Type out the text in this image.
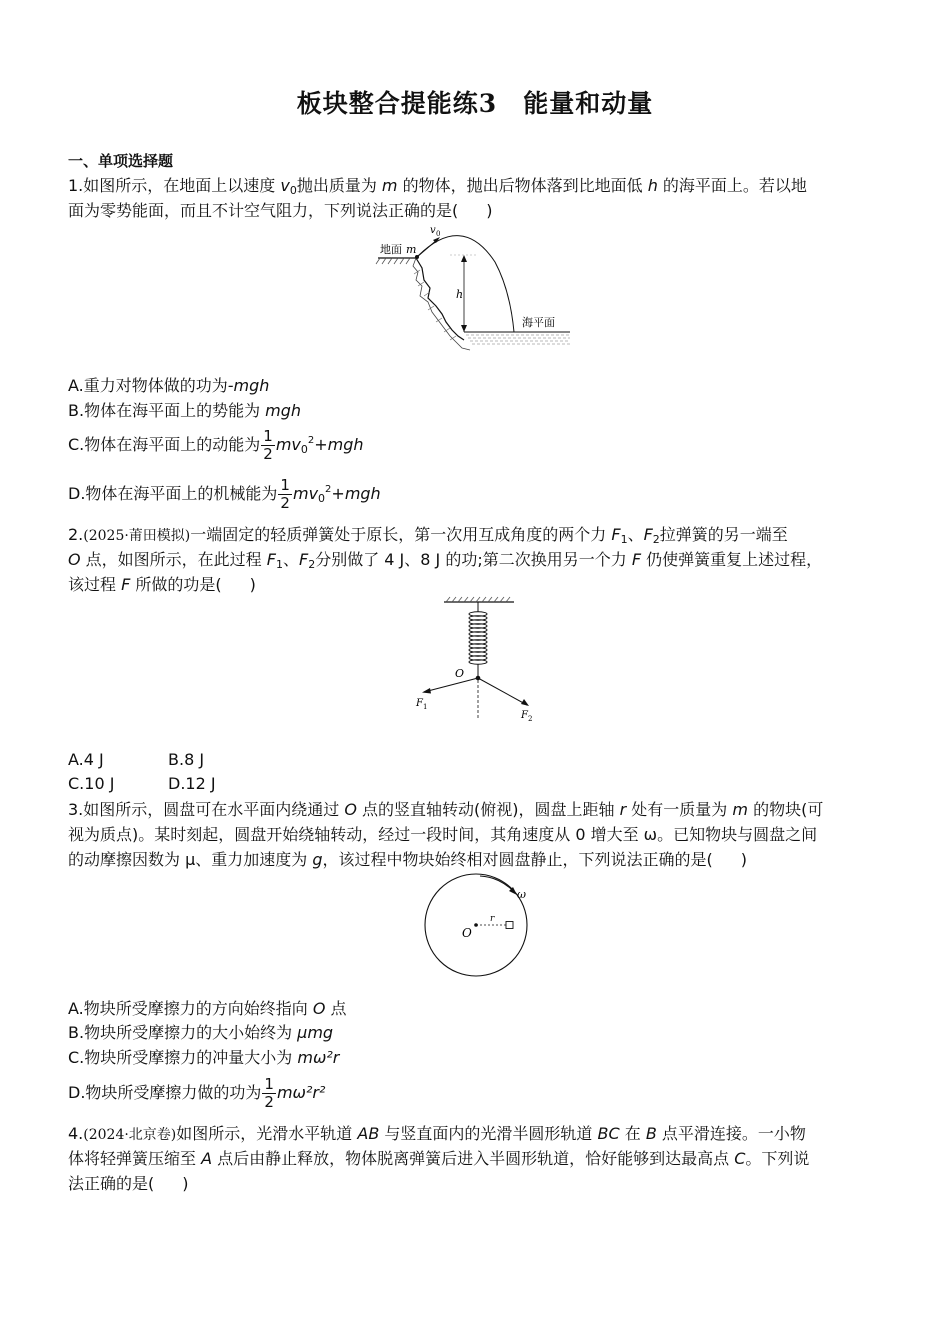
板块整合提能练3　能量和动量
一、单项选择题
1.如图所示，在地面上以速度 $v_0$抛出质量为 m 的物体，抛出后物体落到比地面低 h 的海平面上。若以地
面为零势能面，而且不计空气阻力，下列说法正确的是( )
地面 m
v 0
h
海平面
A.重力对物体做的功为-mgh
B.物体在海平面上的势能为 mgh
C.物体在海平面上的动能为 $\frac{1}{2} mv_0^2+mgh$
D.物体在海平面上的机械能为 $\frac{1}{2} mv_0^2+mgh$
2.(2025·莆田模拟)一端固定的轻质弹簧处于原长，第一次用互成角度的两个力 $F_1$、$F_2$拉弹簧的另一端至
O 点，如图所示，在此过程 $F_1$、$F_2$分别做了 4 J、8 J 的功;第二次换用另一个力 F 仍使弹簧重复上述过程，
该过程 F 所做的功是( )
O
F 1
F 2
A.4 J	B.8 J
C.10 J	D.12 J
3.如图所示，圆盘可在水平面内绕通过 O 点的竖直轴转动(俯视)，圆盘上距轴 r 处有一质量为 m 的物块(可
视为质点)。某时刻起，圆盘开始绕轴转动，经过一段时间，其角速度从 0 增大至 ω。已知物块与圆盘之间
的动摩擦因数为 μ、重力加速度为 g，该过程中物块始终相对圆盘静止，下列说法正确的是( )
O
r
ω
A.物块所受摩擦力的方向始终指向 O 点
B.物块所受摩擦力的大小始终为 μmg
C.物块所受摩擦力的冲量大小为 mω²r
D.物块所受摩擦力做的功为 $\frac{1}{2} m\omega^2r^2$
4.(2024·北京卷)如图所示，光滑水平轨道 AB 与竖直面内的光滑半圆形轨道 BC 在 B 点平滑连接。一小物
体将轻弹簧压缩至 A 点后由静止释放，物体脱离弹簧后进入半圆形轨道，恰好能够到达最高点 C。下列说
法正确的是( )
